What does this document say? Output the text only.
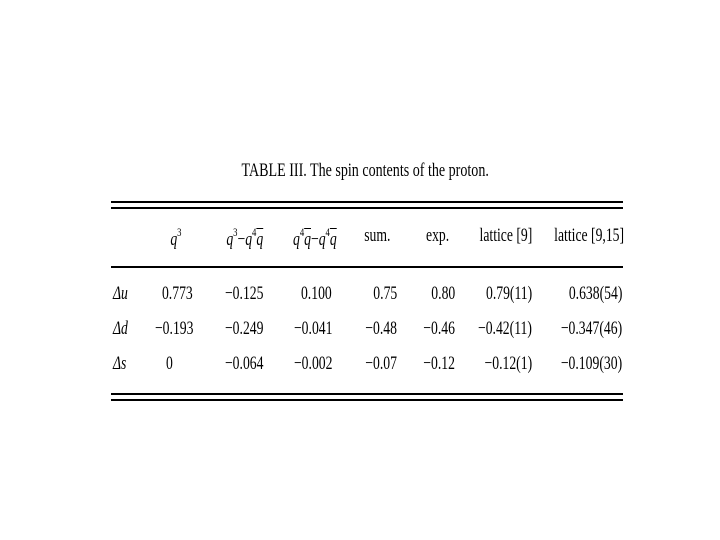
TABLE III. The spin contents of the proton.
$q^3$ $q^3-q^4\overline{q}$ $q^4\overline{q}-q^4\overline{q}$ sum. exp. lattice [9] lattice [9,15]
Δu 0.773 −0.125 0.100 0.75 0.80 0.79(11) 0.638(54)
Δd −0.193 −0.249 −0.041 −0.48 −0.46 −0.42(11) −0.347(46)
Δs 0	−0.064 −0.002 −0.07 −0.12 −0.12(1) −0.109(30)
